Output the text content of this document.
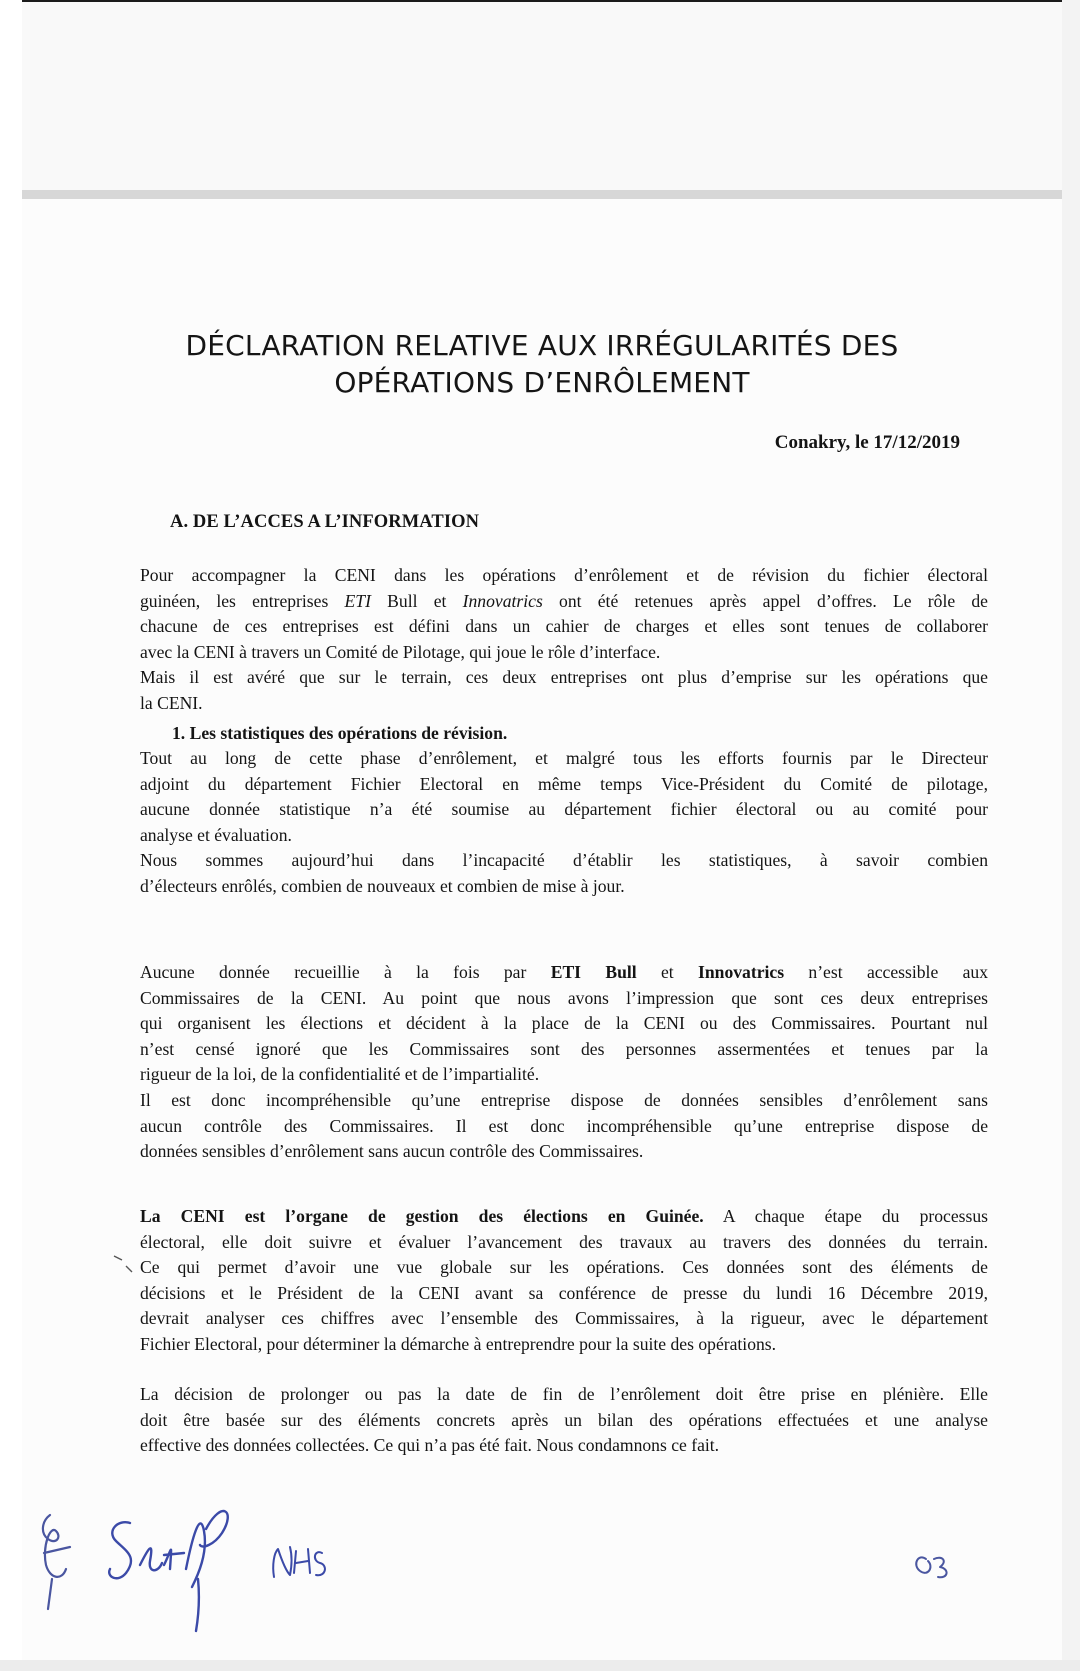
DÉCLARATION RELATIVE AUX IRRÉGULARITÉS DES
OPÉRATIONS D’ENRÔLEMENT
Conakry, le 17/12/2019
A. DE L’ACCES A L’INFORMATION
Pour accompagner la CENI dans les opérations d’enrôlement et de révision du fichier électoral
guinéen, les entreprises ETI Bull et Innovatrics ont été retenues après appel d’offres. Le rôle de
chacune de ces entreprises est défini dans un cahier de charges et elles sont tenues de collaborer
avec la CENI à travers un Comité de Pilotage, qui joue le rôle d’interface.
Mais il est avéré que sur le terrain, ces deux entreprises ont plus d’emprise sur les opérations que
la CENI.
1. Les statistiques des opérations de révision.
Tout au long de cette phase d’enrôlement, et malgré tous les efforts fournis par le Directeur
adjoint du département Fichier Electoral en même temps Vice-Président du Comité de pilotage,
aucune donnée statistique n’a été soumise au département fichier électoral ou au comité pour
analyse et évaluation.
Nous sommes aujourd’hui dans l’incapacité d’établir les statistiques, à savoir combien
d’électeurs enrôlés, combien de nouveaux et combien de mise à jour.
Aucune donnée recueillie à la fois par ETI Bull et Innovatrics n’est accessible aux
Commissaires de la CENI. Au point que nous avons l’impression que sont ces deux entreprises
qui organisent les élections et décident à la place de la CENI ou des Commissaires. Pourtant nul
n’est censé ignoré que les Commissaires sont des personnes assermentées et tenues par la
rigueur de la loi, de la confidentialité et de l’impartialité.
Il est donc incompréhensible qu’une entreprise dispose de données sensibles d’enrôlement sans
aucun contrôle des Commissaires. Il est donc incompréhensible qu’une entreprise dispose de
données sensibles d’enrôlement sans aucun contrôle des Commissaires.
La CENI est l’organe de gestion des élections en Guinée. A chaque étape du processus
électoral, elle doit suivre et évaluer l’avancement des travaux au travers des données du terrain.
Ce qui permet d’avoir une vue globale sur les opérations. Ces données sont des éléments de
décisions et le Président de la CENI avant sa conférence de presse du lundi 16 Décembre 2019,
devrait analyser ces chiffres avec l’ensemble des Commissaires, à la rigueur, avec le département
Fichier Electoral, pour déterminer la démarche à entreprendre pour la suite des opérations.
La décision de prolonger ou pas la date de fin de l’enrôlement doit être prise en plénière. Elle
doit être basée sur des éléments concrets après un bilan des opérations effectuées et une analyse
effective des données collectées. Ce qui n’a pas été fait. Nous condamnons ce fait.
